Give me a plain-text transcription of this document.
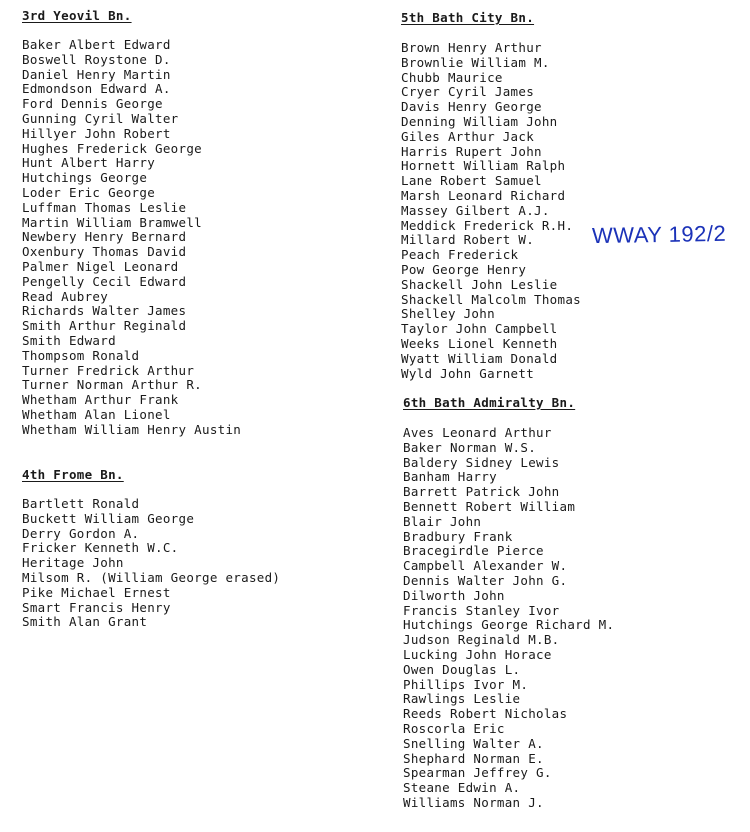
3rd Yeovil Bn.
Baker Albert Edward
Boswell Roystone D.
Daniel Henry Martin
Edmondson Edward A.
Ford Dennis George
Gunning Cyril Walter
Hillyer John Robert
Hughes Frederick George
Hunt Albert Harry
Hutchings George
Loder Eric George
Luffman Thomas Leslie
Martin William Bramwell
Newbery Henry Bernard
Oxenbury Thomas David
Palmer Nigel Leonard
Pengelly Cecil Edward
Read Aubrey
Richards Walter James
Smith Arthur Reginald
Smith Edward
Thompsom Ronald
Turner Fredrick Arthur
Turner Norman Arthur R.
Whetham Arthur Frank
Whetham Alan Lionel
Whetham William Henry Austin
4th Frome Bn.
Bartlett Ronald
Buckett William George
Derry Gordon A.
Fricker Kenneth W.C.
Heritage John
Milsom R. (William George erased)
Pike Michael Ernest
Smart Francis Henry
Smith Alan Grant
5th Bath City Bn.
Brown Henry Arthur
Brownlie William M.
Chubb Maurice
Cryer Cyril James
Davis Henry George
Denning William John
Giles Arthur Jack
Harris Rupert John
Hornett William Ralph
Lane Robert Samuel
Marsh Leonard Richard
Massey Gilbert A.J.
Meddick Frederick R.H.
Millard Robert W.
Peach Frederick
Pow George Henry
Shackell John Leslie
Shackell Malcolm Thomas
Shelley John
Taylor John Campbell
Weeks Lionel Kenneth
Wyatt William Donald
Wyld John Garnett
6th Bath Admiralty Bn.
Aves Leonard Arthur
Baker Norman W.S.
Baldery Sidney Lewis
Banham Harry
Barrett Patrick John
Bennett Robert William
Blair John
Bradbury Frank
Bracegirdle Pierce
Campbell Alexander W.
Dennis Walter John G.
Dilworth John
Francis Stanley Ivor
Hutchings George Richard M.
Judson Reginald M.B.
Lucking John Horace
Owen Douglas L.
Phillips Ivor M.
Rawlings Leslie
Reeds Robert Nicholas
Roscorla Eric
Snelling Walter A.
Shephard Norman E.
Spearman Jeffrey G.
Steane Edwin A.
Williams Norman J.
WWAY 192/2
